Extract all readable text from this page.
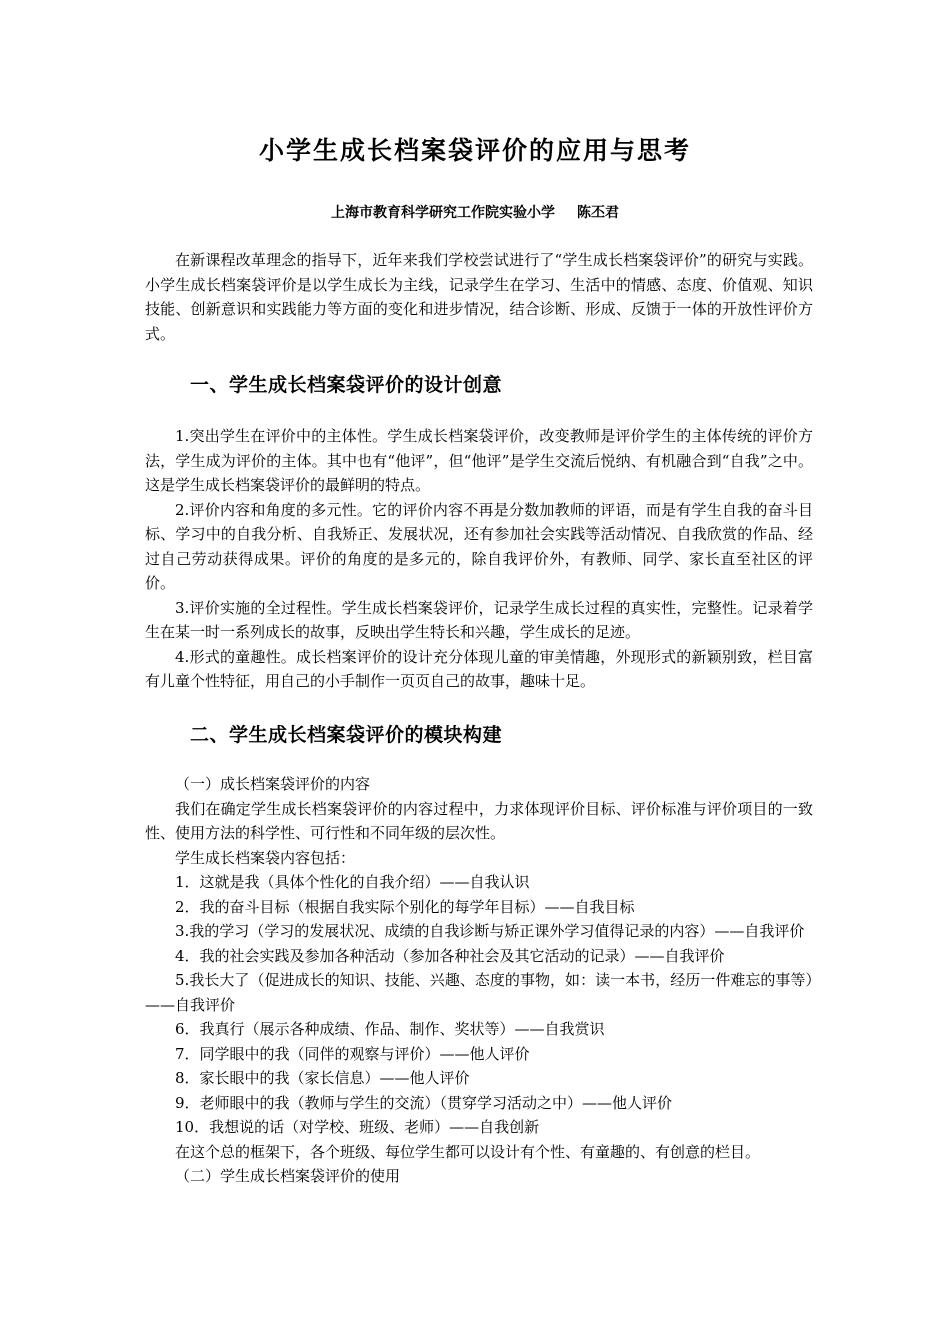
小学生成长档案袋评价的应用与思考
上海市教育科学研究工作院实验小学 陈丕君

在新课程改革理念的指导下，近年来我们学校尝试进行了“学生成长档案袋评价”的研究与实践。小学生成长档案袋评价是以学生成长为主线，记录学生在学习、生活中的情感、态度、价值观、知识技能、创新意识和实践能力等方面的变化和进步情况，结合诊断、形成、反馈于一体的开放性评价方式。

一、学生成长档案袋评价的设计创意

1.突出学生在评价中的主体性。学生成长档案袋评价，改变教师是评价学生的主体传统的评价方法，学生成为评价的主体。其中也有“他评”，但“他评”是学生交流后悦纳、有机融合到“自我”之中。这是学生成长档案袋评价的最鲜明的特点。

2.评价内容和角度的多元性。它的评价内容不再是分数加教师的评语，而是有学生自我的奋斗目标、学习中的自我分析、自我矫正、发展状况，还有参加社会实践等活动情况、自我欣赏的作品、经过自己劳动获得成果。评价的角度的是多元的，除自我评价外，有教师、同学、家长直至社区的评价。

3.评价实施的全过程性。学生成长档案袋评价，记录学生成长过程的真实性，完整性。记录着学生在某一时一系列成长的故事，反映出学生特长和兴趣，学生成长的足迹。

4.形式的童趣性。成长档案评价的设计充分体现儿童的审美情趣，外现形式的新颖别致，栏目富有儿童个性特征，用自己的小手制作一页页自己的故事，趣味十足。

二、学生成长档案袋评价的模块构建

（一）成长档案袋评价的内容

我们在确定学生成长档案袋评价的内容过程中，力求体现评价目标、评价标准与评价项目的一致性、使用方法的科学性、可行性和不同年级的层次性。

学生成长档案袋内容包括：

1．这就是我（具体个性化的自我介绍）——自我认识

2．我的奋斗目标（根据自我实际个别化的每学年目标）——自我目标

3.我的学习（学习的发展状况、成绩的自我诊断与矫正课外学习值得记录的内容）——自我评价

4．我的社会实践及参加各种活动（参加各种社会及其它活动的记录）——自我评价

5.我长大了（促进成长的知识、技能、兴趣、态度的事物，如：读一本书，经历一件难忘的事等）——自我评价

6．我真行（展示各种成绩、作品、制作、奖状等）——自我赏识

7．同学眼中的我（同伴的观察与评价）——他人评价

8．家长眼中的我（家长信息）——他人评价

9．老师眼中的我（教师与学生的交流）（贯穿学习活动之中）——他人评价

10．我想说的话（对学校、班级、老师）——自我创新

在这个总的框架下，各个班级、每位学生都可以设计有个性、有童趣的、有创意的栏目。

（二）学生成长档案袋评价的使用
